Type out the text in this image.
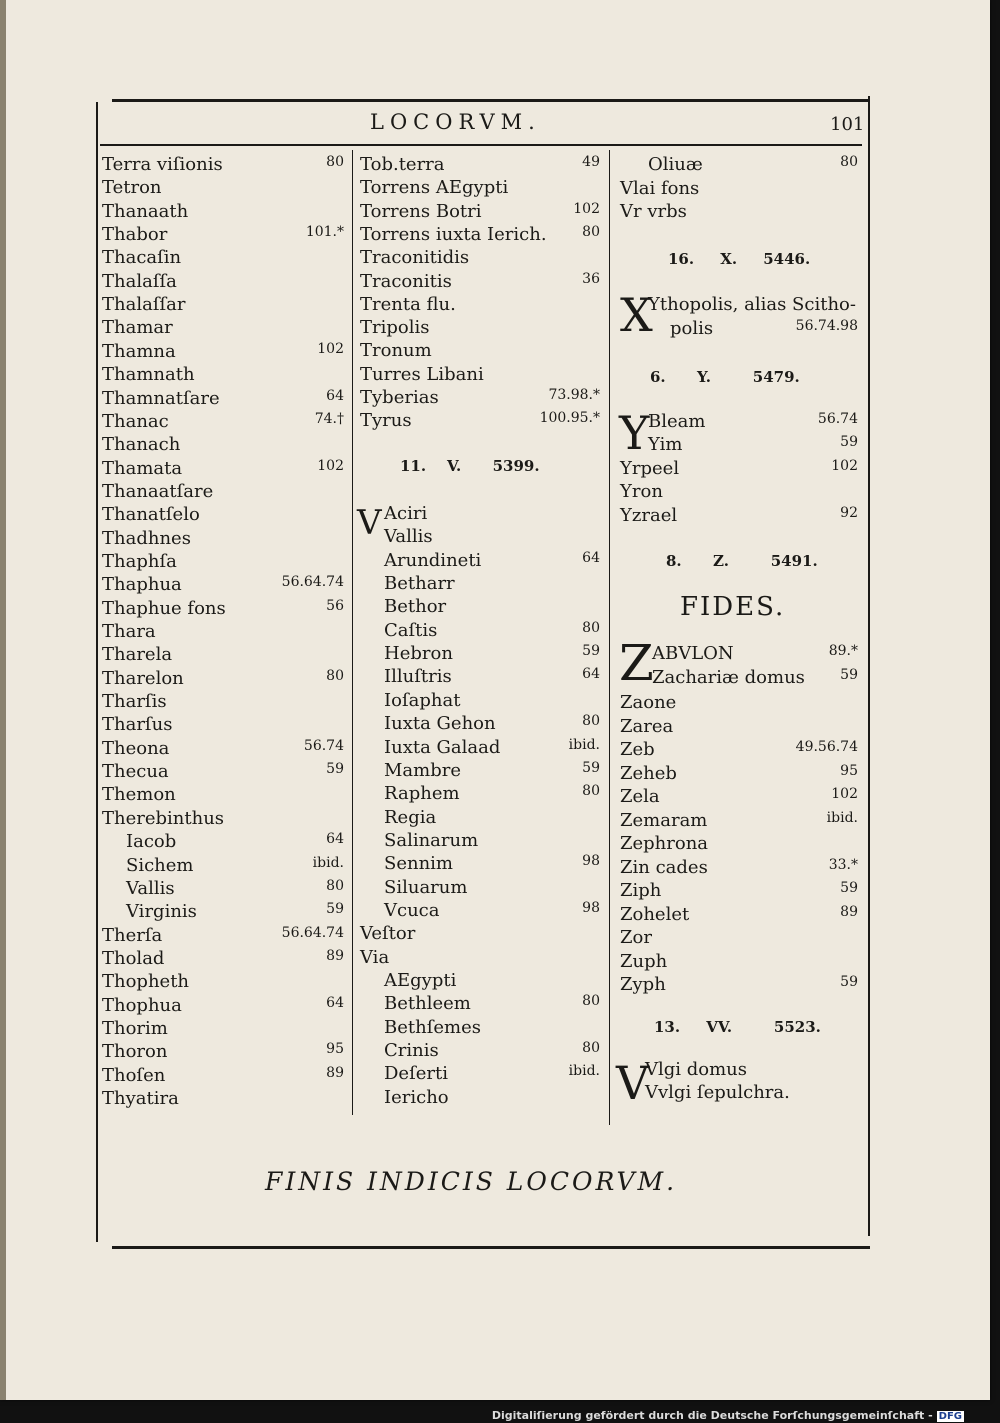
LOCORVM.	101
Terra viſionis	80
Tetron
Thanaath
Thabor	101.*
Thacaſin
Thalaſſa
Thalaſſar
Thamar
Thamna	102
Thamnath
Thamnatſare	64
Thanac	74.†
Thanach
Thamata	102
Thanaatſare
Thanatſelo
Thadhnes
Thaphſa
Thaphua	56.64.74
Thaphue fons	56
Thara
Tharela
Tharelon	80
Tharſis
Tharſus
Theona	56.74
Thecua	59
Themon
Therebinthus
Iacob	64
Sichem	ibid.
Vallis	80
Virginis	59
Therſa	56.64.74
Tholad	89
Thopheth
Thophua	64
Thorim
Thoron	95
Thoſen	89
Thyatira
Tob.terra	49
Torrens AEgypti
Torrens Botri	102
Torrens iuxta Ierich.	80
Traconitidis
Traconitis	36
Trenta flu.
Tripolis
Tronum
Turres Libani
Tyberias	73.98.*
Tyrus	100.95.*
11. V. 5399.
V Aciri
Vallis
Arundineti	64
Betharr
Bethor
Caſtis	80
Hebron	59
Illuſtris	64
Ioſaphat
Iuxta Gehon	80
Iuxta Galaad	ibid.
Mambre	59
Raphem	80
Regia
Salinarum
Sennim	98
Siluarum
Vcuca	98
Veſtor
Via
AEgypti
Bethleem	80
Bethſemes
Crinis	80
Deſerti	ibid.
Iericho
Oliuæ	80
Vlai fons
Vr vrbs
16. X. 5446.
X
Ythopolis, alias Scitho-
polis	56.74.98
6. Y.	5479.
Y
Bleam	56.74
Yim	59
Yrpeel	102
Yron
Yzrael	92
8. Z.	5491.
FIDES.
Z
ABVLON	89.*
Zachariæ domus	59
Zaone
Zarea
Zeb	49.56.74
Zeheb	95
Zela	102
Zemaram	ibid.
Zephrona
Zin cades	33.*
Ziph	59
Zohelet	89
Zor
Zuph
Zyph	59
13. VV.	5523.
V
Vlgi domus
Vvlgi ſepulchra.
FINIS INDICIS LOCORVM.
Digitaliſierung gefördert durch die Deutsche Forſchungsgemeinſchaft - DFG
